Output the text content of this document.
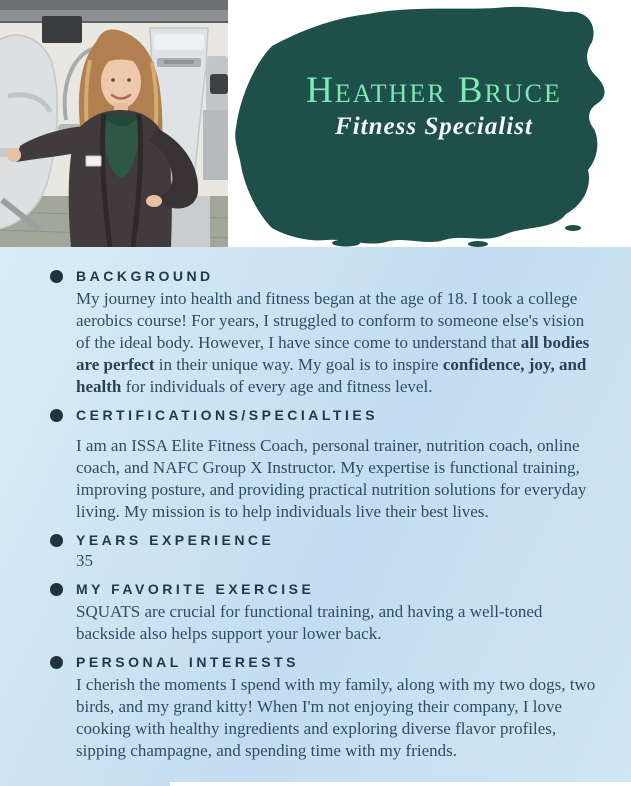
Heather Bruce
Fitness Specialist
BACKGROUND

My journey into health and fitness began at the age of 18. I took a college aerobics course! For years, I struggled to conform to someone else's vision of the ideal body. However, I have since come to understand that all bodies are perfect in their unique way. My goal is to inspire confidence, joy, and health for individuals of every age and fitness level.

CERTIFICATIONS/SPECIALTIES

I am an ISSA Elite Fitness Coach, personal trainer, nutrition coach, online coach, and NAFC Group X Instructor. My expertise is functional training, improving posture, and providing practical nutrition solutions for everyday living. My mission is to help individuals live their best lives.

YEARS EXPERIENCE

35

MY FAVORITE EXERCISE

SQUATS are crucial for functional training, and having a well-toned backside also helps support your lower back.

PERSONAL INTERESTS

I cherish the moments I spend with my family, along with my two dogs, two birds, and my grand kitty! When I'm not enjoying their company, I love cooking with healthy ingredients and exploring diverse flavor profiles, sipping champagne, and spending time with my friends.
